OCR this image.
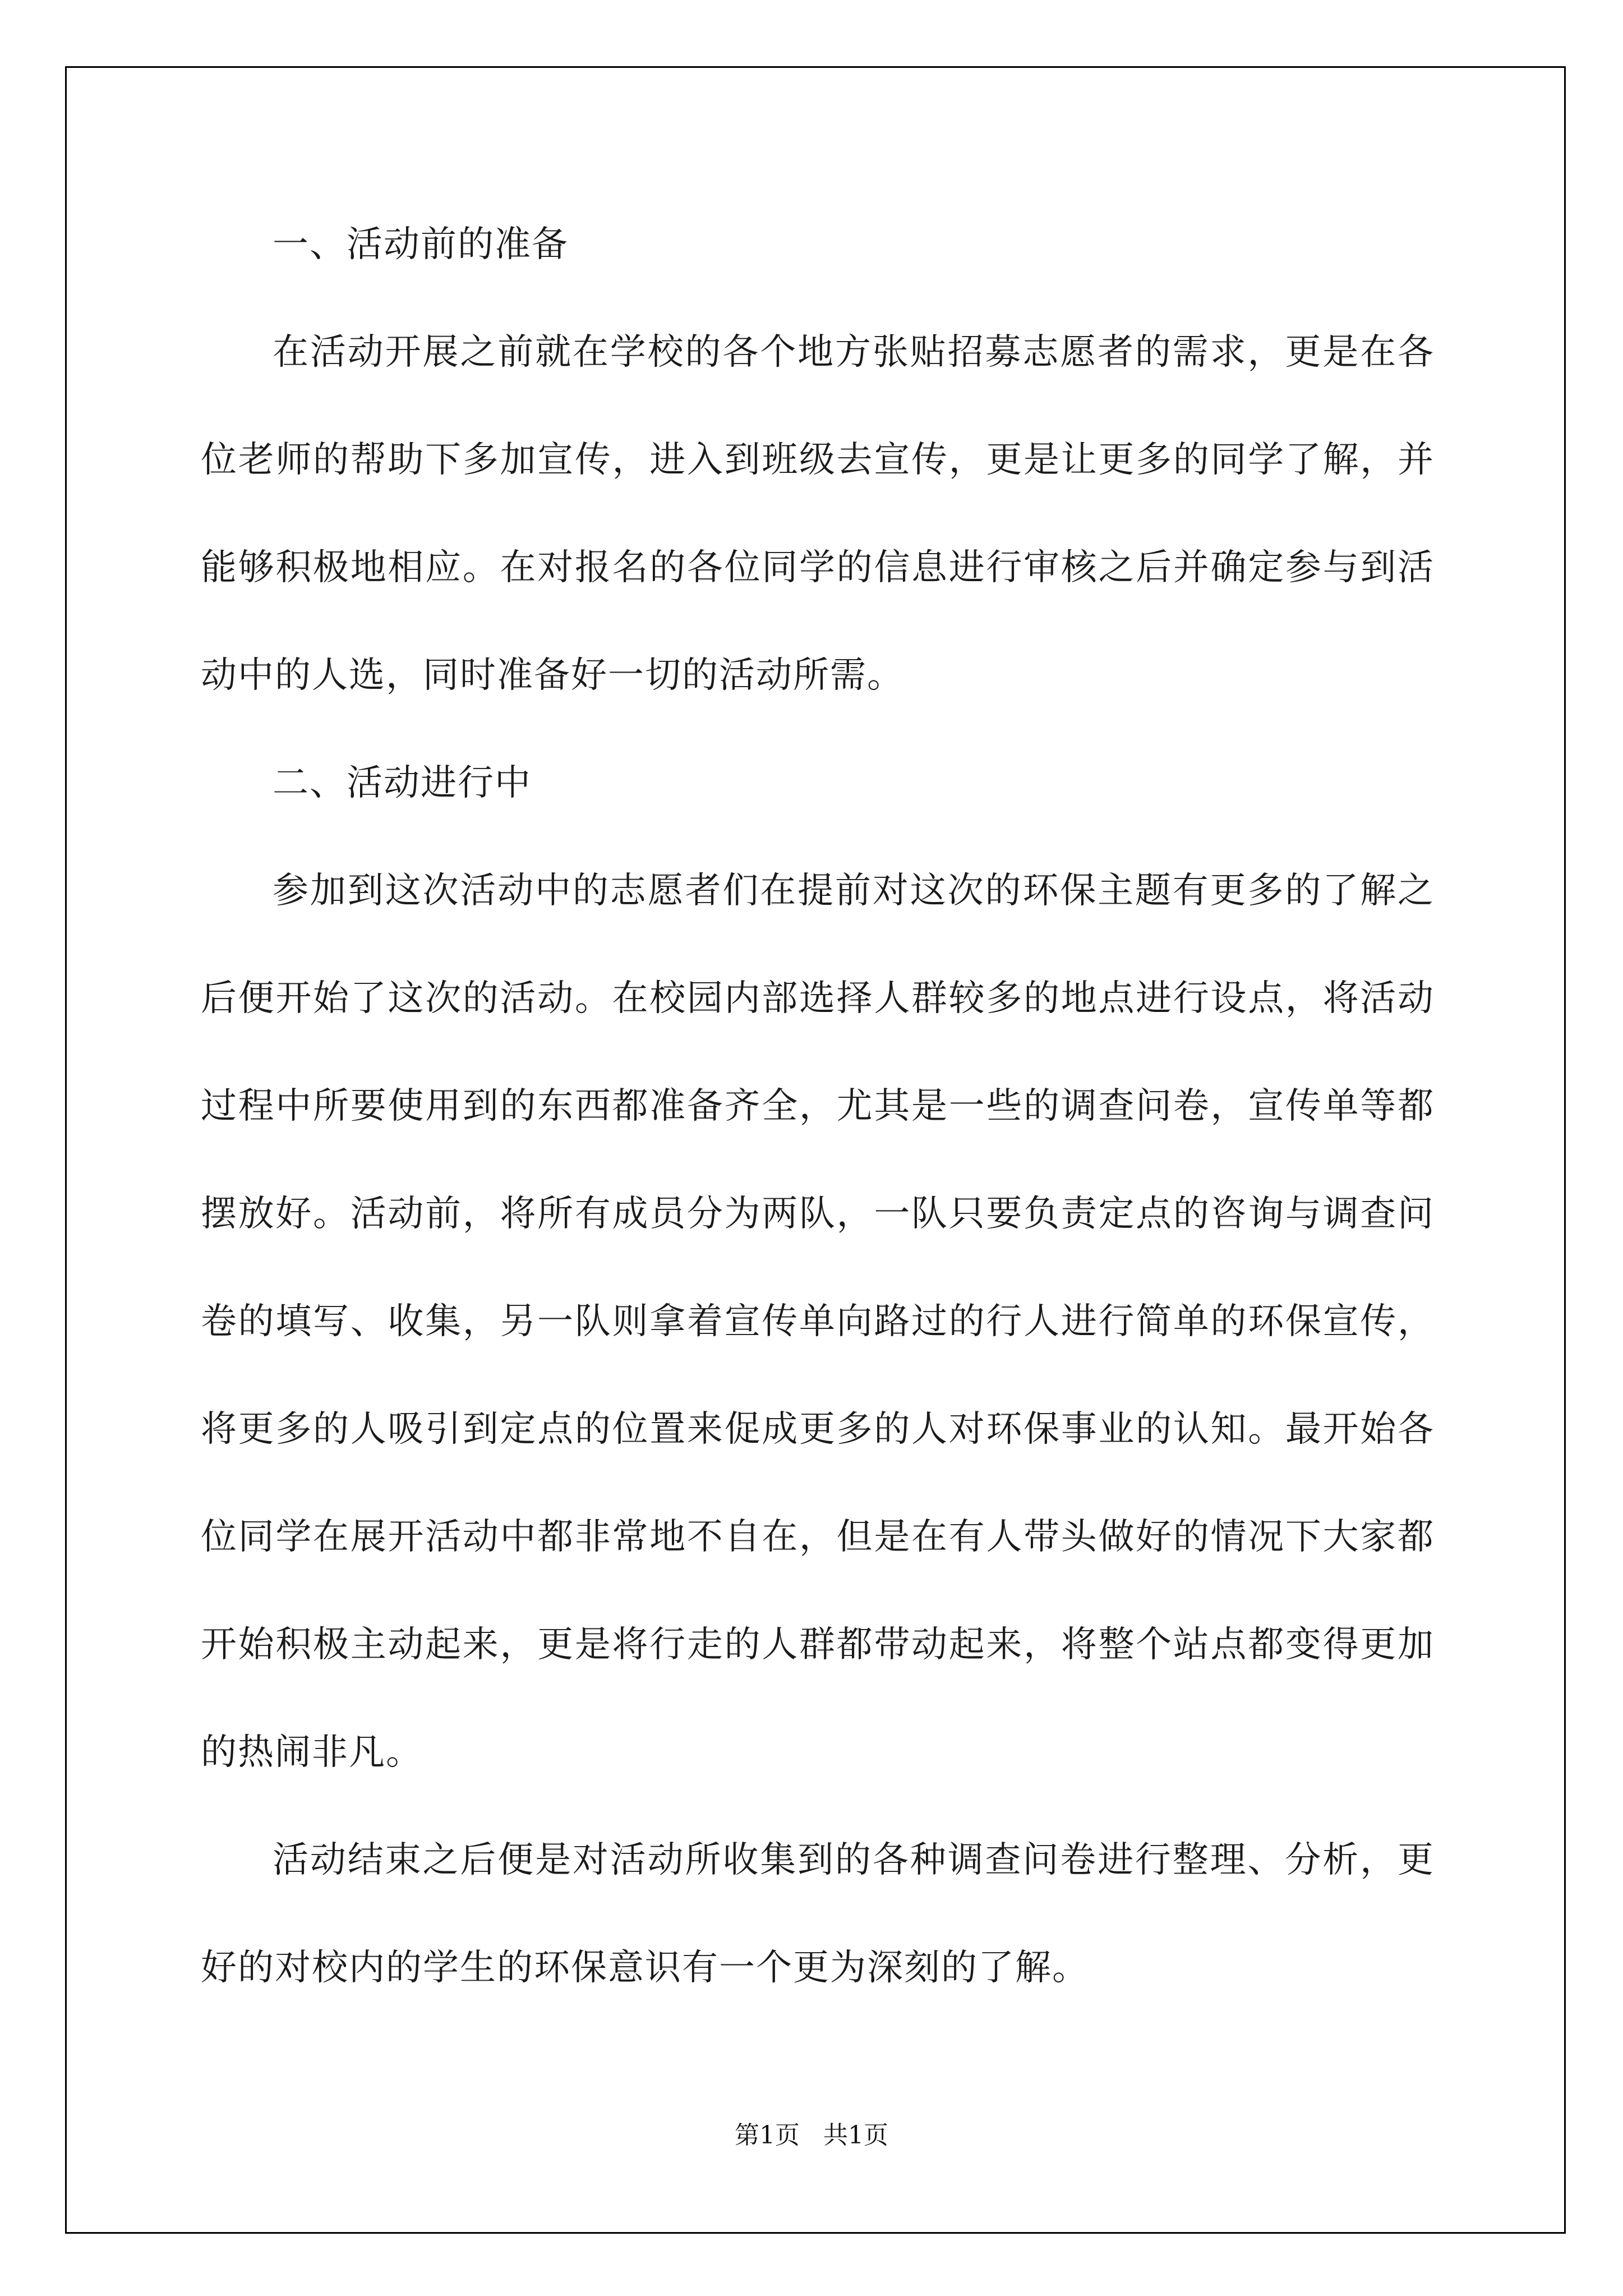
一、活动前的准备

在活动开展之前就在学校的各个地方张贴招募志愿者的需求，更是在各位老师的帮助下多加宣传，进入到班级去宣传，更是让更多的同学了解，并能够积极地相应。在对报名的各位同学的信息进行审核之后并确定参与到活动中的人选，同时准备好一切的活动所需。

二、活动进行中

参加到这次活动中的志愿者们在提前对这次的环保主题有更多的了解之后便开始了这次的活动。在校园内部选择人群较多的地点进行设点，将活动过程中所要使用到的东西都准备齐全，尤其是一些的调查问卷，宣传单等都摆放好。活动前，将所有成员分为两队，一队只要负责定点的咨询与调查问卷的填写、收集，另一队则拿着宣传单向路过的行人进行简单的环保宣传，将更多的人吸引到定点的位置来促成更多的人对环保事业的认知。最开始各位同学在展开活动中都非常地不自在，但是在有人带头做好的情况下大家都开始积极主动起来，更是将行走的人群都带动起来，将整个站点都变得更加的热闹非凡。

活动结束之后便是对活动所收集到的各种调查问卷进行整理、分析，更好的对校内的学生的环保意识有一个更为深刻的了解。

第1页 共1页
